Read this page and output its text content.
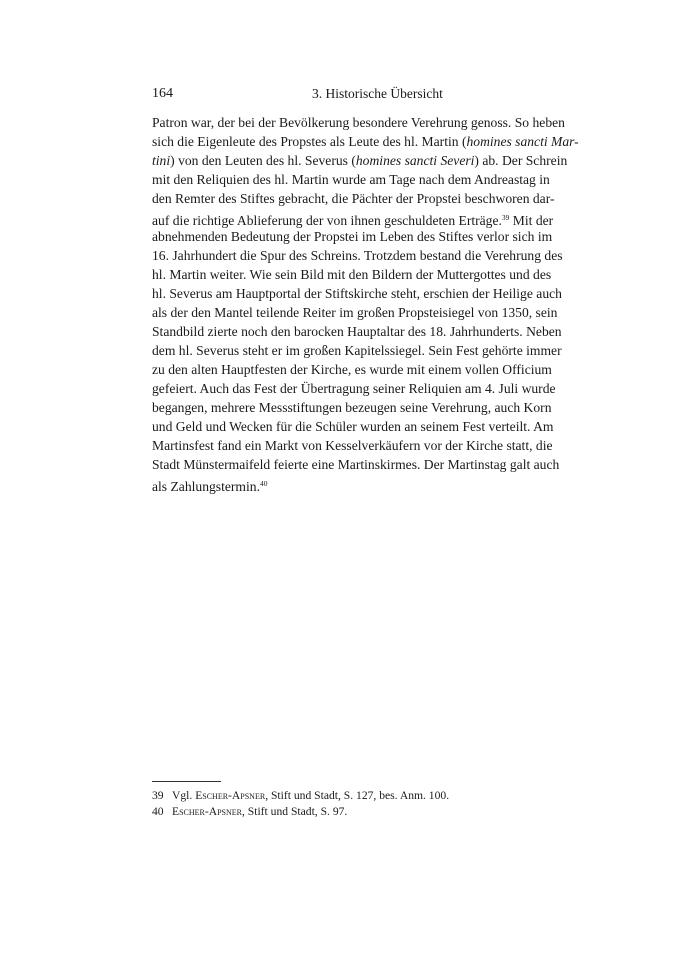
164	3. Historische Übersicht
Patron war, der bei der Bevölkerung besondere Verehrung genoss. So heben
sich die Eigenleute des Propstes als Leute des hl. Martin (homines sancti Mar-
tini) von den Leuten des hl. Severus (homines sancti Severi) ab. Der Schrein
mit den Reliquien des hl. Martin wurde am Tage nach dem Andreastag in
den Remter des Stiftes gebracht, die Pächter der Propstei beschworen dar-
auf die richtige Ablieferung der von ihnen geschuldeten Erträge.$^{39}$ Mit der
abnehmenden Bedeutung der Propstei im Leben des Stiftes verlor sich im
16. Jahrhundert die Spur des Schreins. Trotzdem bestand die Verehrung des
hl. Martin weiter. Wie sein Bild mit den Bildern der Muttergottes und des
hl. Severus am Hauptportal der Stiftskirche steht, erschien der Heilige auch
als der den Mantel teilende Reiter im großen Propsteisiegel von 1350, sein
Standbild zierte noch den barocken Hauptaltar des 18. Jahrhunderts. Neben
dem hl. Severus steht er im großen Kapitelssiegel. Sein Fest gehörte immer
zu den alten Hauptfesten der Kirche, es wurde mit einem vollen Officium
gefeiert. Auch das Fest der Übertragung seiner Reliquien am 4. Juli wurde
begangen, mehrere Messstiftungen bezeugen seine Verehrung, auch Korn
und Geld und Wecken für die Schüler wurden an seinem Fest verteilt. Am
Martinsfest fand ein Markt von Kesselverkäufern vor der Kirche statt, die
Stadt Münstermaifeld feierte eine Martinskirmes. Der Martinstag galt auch
als Zahlungstermin.$^{40}$
39 Vgl. Escher-Apsner, Stift und Stadt, S. 127, bes. Anm. 100.
40 Escher-Apsner, Stift und Stadt, S. 97.
